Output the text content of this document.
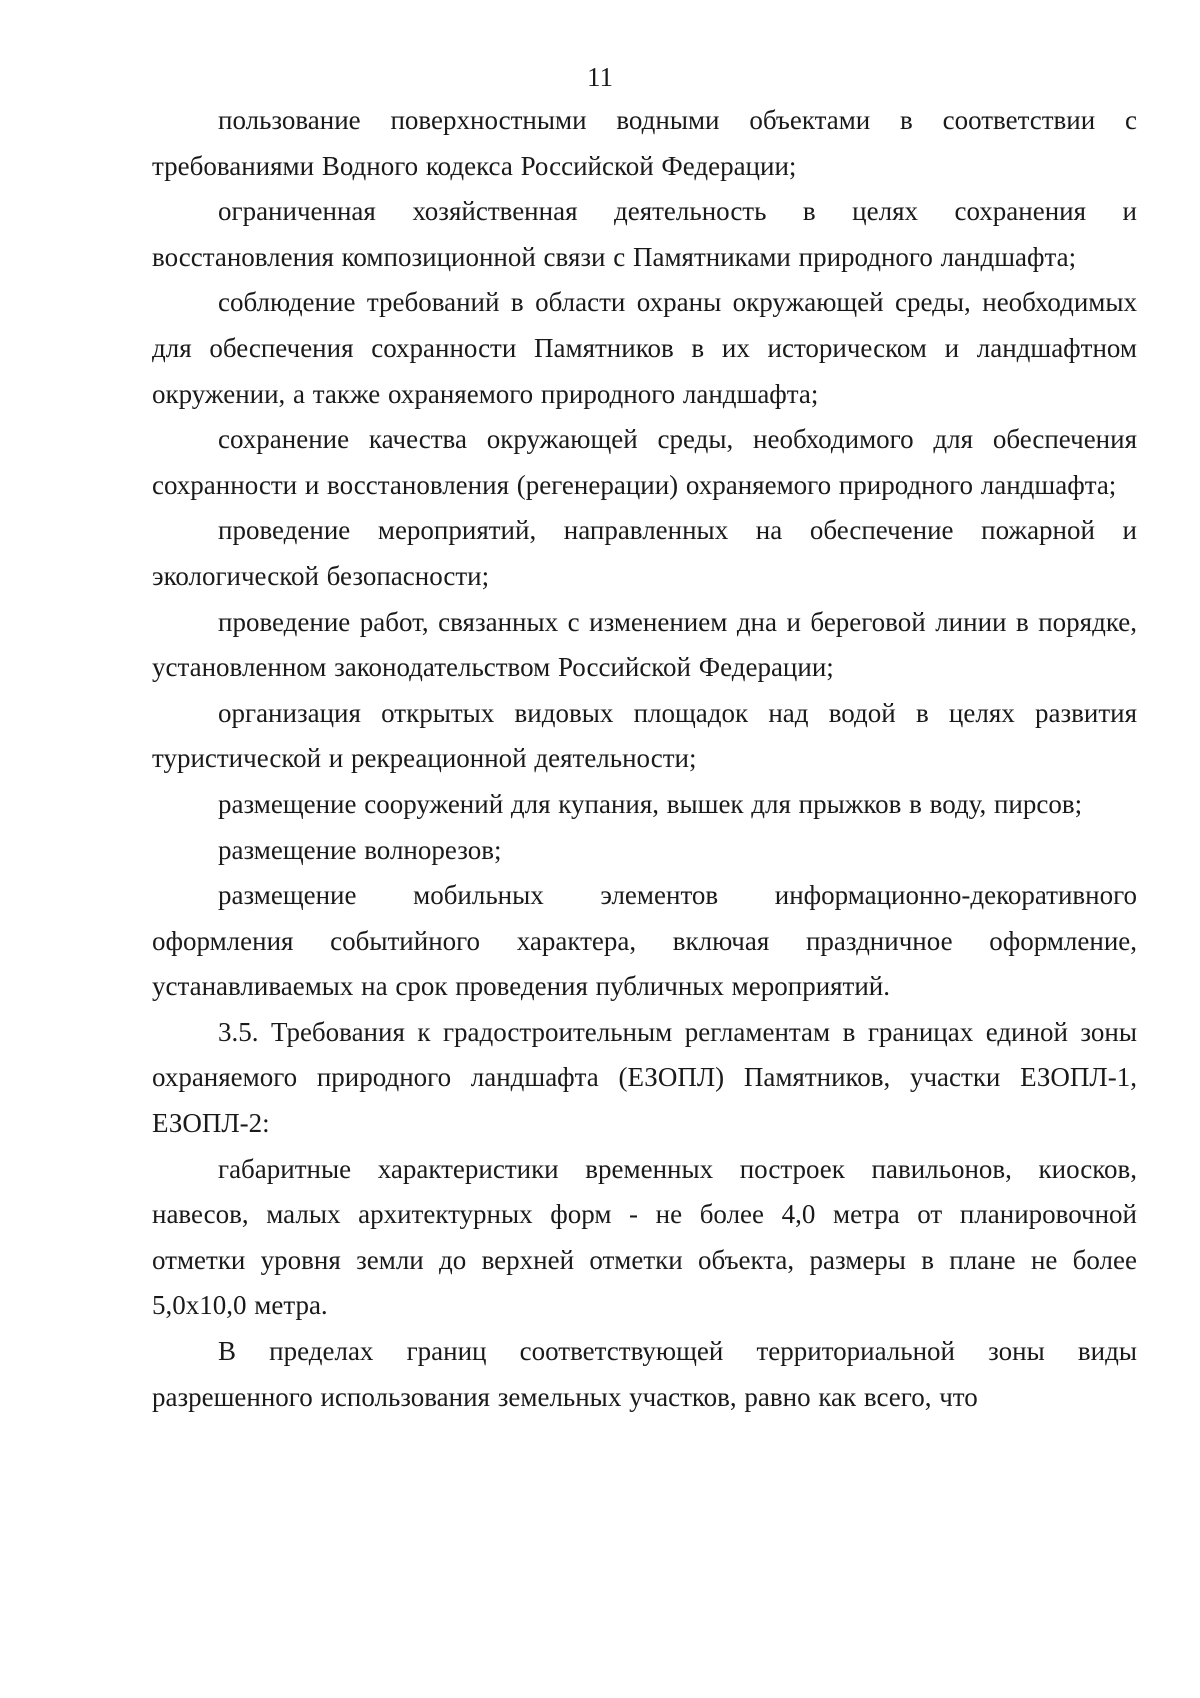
11

пользование поверхностными водными объектами в соответствии с требованиями Водного кодекса Российской Федерации;

ограниченная хозяйственная деятельность в целях сохранения и восстановления композиционной связи с Памятниками природного ландшафта;

соблюдение требований в области охраны окружающей среды, необходимых для обеспечения сохранности Памятников в их историческом и ландшафтном окружении, а также охраняемого природного ландшафта;

сохранение качества окружающей среды, необходимого для обеспечения сохранности и восстановления (регенерации) охраняемого природного ландшафта;

проведение мероприятий, направленных на обеспечение пожарной и экологической безопасности;

проведение работ, связанных с изменением дна и береговой линии в порядке, установленном законодательством Российской Федерации;

организация открытых видовых площадок над водой в целях развития туристической и рекреационной деятельности;

размещение сооружений для купания, вышек для прыжков в воду, пирсов;

размещение волнорезов;

размещение мобильных элементов информационно-декоративного оформления событийного характера, включая праздничное оформление, устанавливаемых на срок проведения публичных мероприятий.

3.5. Требования к градостроительным регламентам в границах единой зоны охраняемого природного ландшафта (ЕЗОПЛ) Памятников, участки ЕЗОПЛ-1, ЕЗОПЛ-2:

габаритные характеристики временных построек павильонов, киосков, навесов, малых архитектурных форм - не более 4,0 метра от планировочной отметки уровня земли до верхней отметки объекта, размеры в плане не более 5,0х10,0 метра.

В пределах границ соответствующей территориальной зоны виды разрешенного использования земельных участков, равно как всего, что
